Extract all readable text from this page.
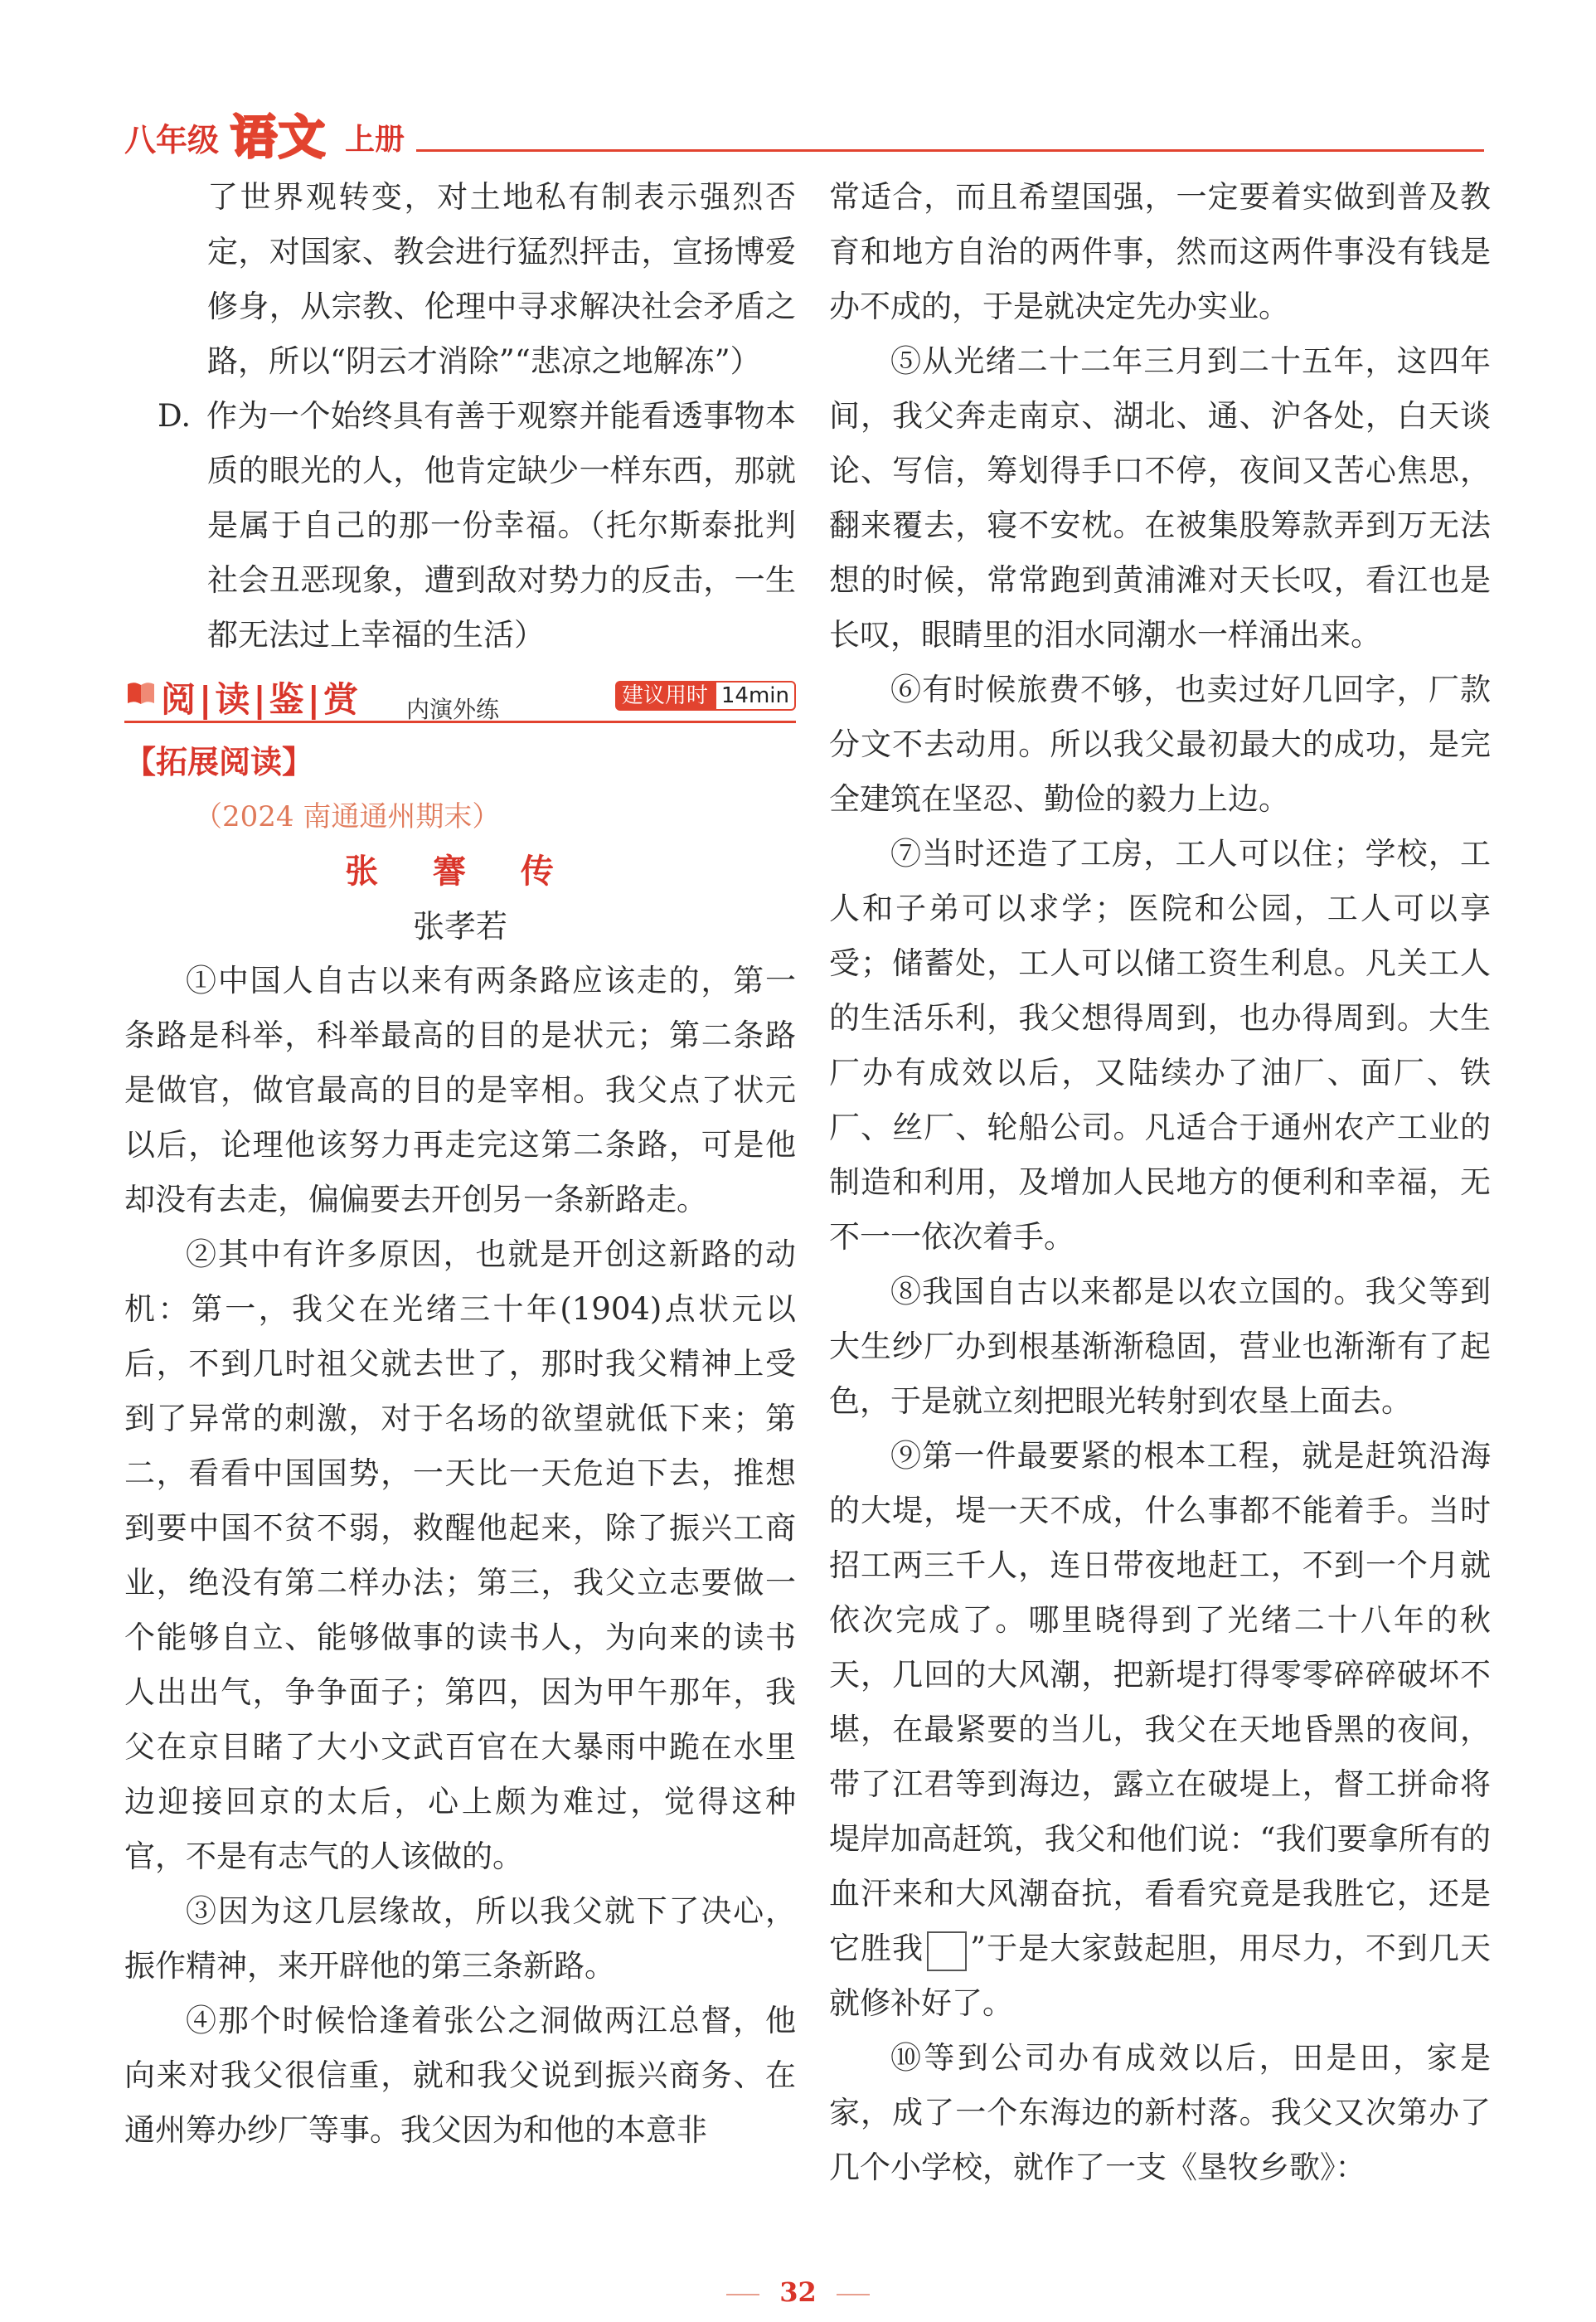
八年级 语文 上册

了世界观转变，对土地私有制表示强烈否定，对国家、教会进行猛烈抨击，宣扬博爱修身，从宗教、伦理中寻求解决社会矛盾之路，所以“阴云才消除”“悲凉之地解冻”）

D.  作为一个始终具有善于观察并能看透事物本质的眼光的人，他肯定缺少一样东西，那就是属于自己的那一份幸福。（托尔斯泰批判社会丑恶现象，遭到敌对势力的反击，一生都无法过上幸福的生活）

阅|读|鉴|赏 内演外练	建议用时 14min
【拓展阅读】
（2024 南通通州期末）
张 謇 传
张孝若

①中国人自古以来有两条路应该走的，第一条路是科举，科举最高的目的是状元；第二条路是做官，做官最高的目的是宰相。我父点了状元以后，论理他该努力再走完这第二条路，可是他却没有去走，偏偏要去开创另一条新路走。

②其中有许多原因，也就是开创这新路的动机：第一，我父在光绪三十年(1904)点状元以后，不到几时祖父就去世了，那时我父精神上受到了异常的刺激，对于名场的欲望就低下来；第二，看看中国国势，一天比一天危迫下去，推想到要中国不贫不弱，救醒他起来，除了振兴工商业，绝没有第二样办法；第三，我父立志要做一个能够自立、能够做事的读书人，为向来的读书人出出气，争争面子；第四，因为甲午那年，我父在京目睹了大小文武百官在大暴雨中跪在水里边迎接回京的太后，心上颇为难过，觉得这种官，不是有志气的人该做的。

③因为这几层缘故，所以我父就下了决心，振作精神，来开辟他的第三条新路。

④那个时候恰逢着张公之洞做两江总督，他向来对我父很信重，就和我父说到振兴商务、在通州筹办纱厂等事。我父因为和他的本意非

常适合，而且希望国强，一定要着实做到普及教育和地方自治的两件事，然而这两件事没有钱是办不成的，于是就决定先办实业。

⑤从光绪二十二年三月到二十五年，这四年间，我父奔走南京、湖北、通、沪各处，白天谈论、写信，筹划得手口不停，夜间又苦心焦思，翻来覆去，寝不安枕。在被集股筹款弄到万无法想的时候，常常跑到黄浦滩对天长叹，看江也是长叹，眼睛里的泪水同潮水一样涌出来。

⑥有时候旅费不够，也卖过好几回字，厂款分文不去动用。所以我父最初最大的成功，是完全建筑在坚忍、勤俭的毅力上边。

⑦当时还造了工房，工人可以住；学校，工人和子弟可以求学；医院和公园，工人可以享受；储蓄处，工人可以储工资生利息。凡关工人的生活乐利，我父想得周到，也办得周到。大生厂办有成效以后，又陆续办了油厂、面厂、铁厂、丝厂、轮船公司。凡适合于通州农产工业的制造和利用，及增加人民地方的便利和幸福，无不一一依次着手。

⑧我国自古以来都是以农立国的。我父等到大生纱厂办到根基渐渐稳固，营业也渐渐有了起色，于是就立刻把眼光转射到农垦上面去。

⑨第一件最要紧的根本工程，就是赶筑沿海的大堤，堤一天不成，什么事都不能着手。当时招工两三千人，连日带夜地赶工，不到一个月就依次完成了。哪里晓得到了光绪二十八年的秋天，几回的大风潮，把新堤打得零零碎碎破坏不堪，在最紧要的当儿，我父在天地昏黑的夜间，带了江君等到海边，露立在破堤上，督工拼命将堤岸加高赶筑，我父和他们说：“我们要拿所有的血汗来和大风潮奋抗，看看究竟是我胜它，还是它胜我 ”于是大家鼓起胆，用尽力，不到几天就修补好了。

⑩等到公司办有成效以后，田是田，家是家，成了一个东海边的新村落。我父又次第办了几个小学校，就作了一支《垦牧乡歌》：

32
